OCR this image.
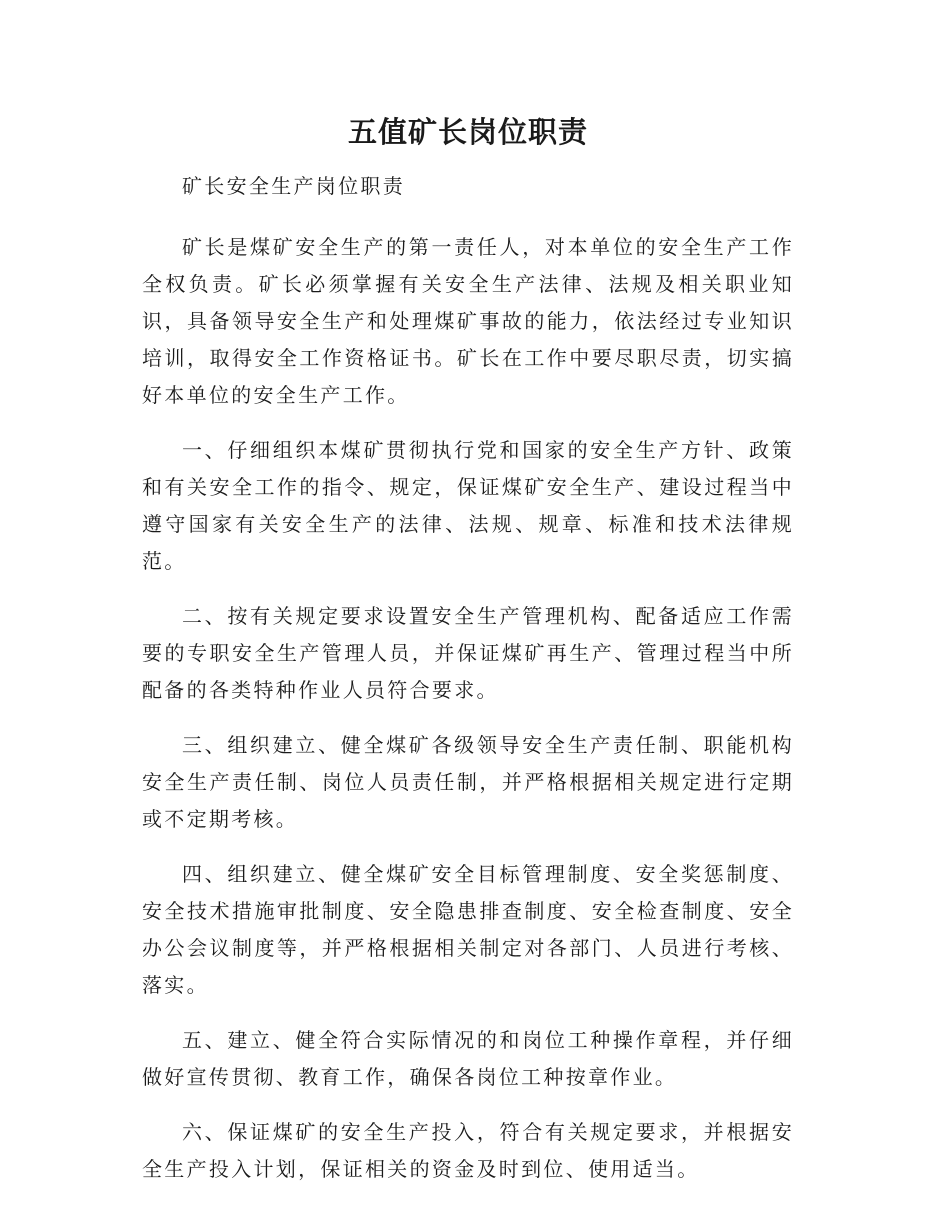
五值矿长岗位职责

矿长安全生产岗位职责

矿长是煤矿安全生产的第一责任人，对本单位的安全生产工作全权负责。矿长必须掌握有关安全生产法律、法规及相关职业知识，具备领导安全生产和处理煤矿事故的能力，依法经过专业知识培训，取得安全工作资格证书。矿长在工作中要尽职尽责，切实搞好本单位的安全生产工作。

一、仔细组织本煤矿贯彻执行党和国家的安全生产方针、政策和有关安全工作的指令、规定，保证煤矿安全生产、建设过程当中遵守国家有关安全生产的法律、法规、规章、标准和技术法律规范。

二、按有关规定要求设置安全生产管理机构、配备适应工作需要的专职安全生产管理人员，并保证煤矿再生产、管理过程当中所配备的各类特种作业人员符合要求。

三、组织建立、健全煤矿各级领导安全生产责任制、职能机构安全生产责任制、岗位人员责任制，并严格根据相关规定进行定期或不定期考核。

四、组织建立、健全煤矿安全目标管理制度、安全奖惩制度、安全技术措施审批制度、安全隐患排查制度、安全检查制度、安全办公会议制度等，并严格根据相关制定对各部门、人员进行考核、落实。

五、建立、健全符合实际情况的和岗位工种操作章程，并仔细做好宣传贯彻、教育工作，确保各岗位工种按章作业。

六、保证煤矿的安全生产投入，符合有关规定要求，并根据安全生产投入计划，保证相关的资金及时到位、使用适当。
